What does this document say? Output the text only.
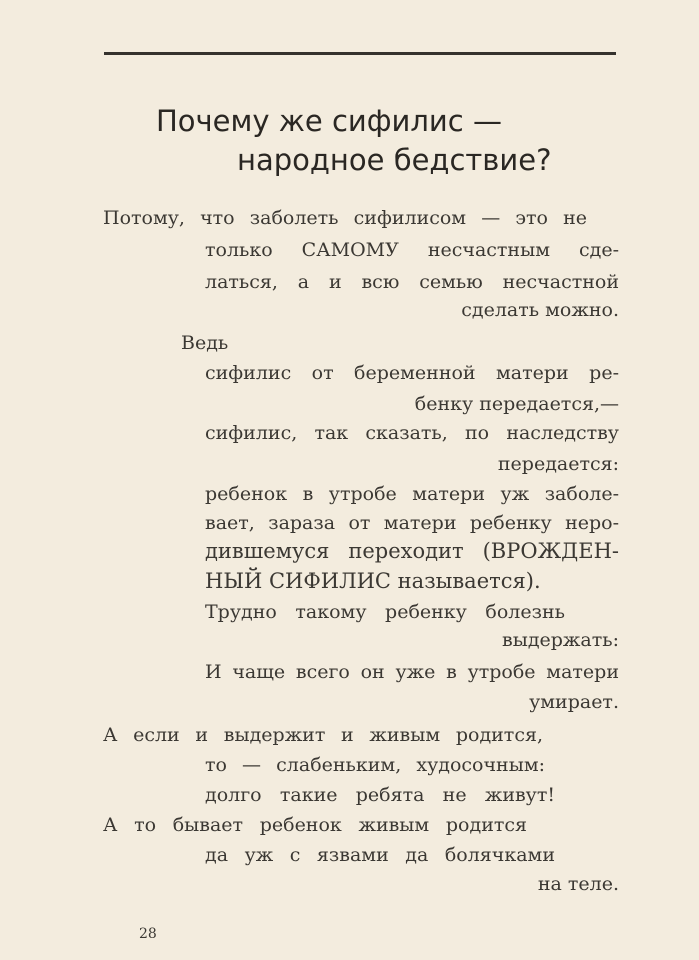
Почему же сифилис —
народное бедствие?
Потому, что заболеть сифилисом — это не
только САМОМУ несчастным сде-
латься, а и всю семью несчастной
сделать можно.
Ведь
сифилис от беременной матери ре-
бенку передается,—
сифилис, так сказать, по наследству
передается:
ребенок в утробе матери уж заболе-
вает, зараза от матери ребенку неро-
дившемуся переходит (ВРОЖДЕН-
НЫЙ СИФИЛИС называется).
Трудно такому ребенку болезнь
выдержать:
И чаще всего он уже в утробе матери
умирает.
А если и выдержит и живым родится,
то — слабеньким, худосочным:
долго такие ребята не живут!
А то бывает ребенок живым родится
да уж с язвами да болячками
на теле.
28
